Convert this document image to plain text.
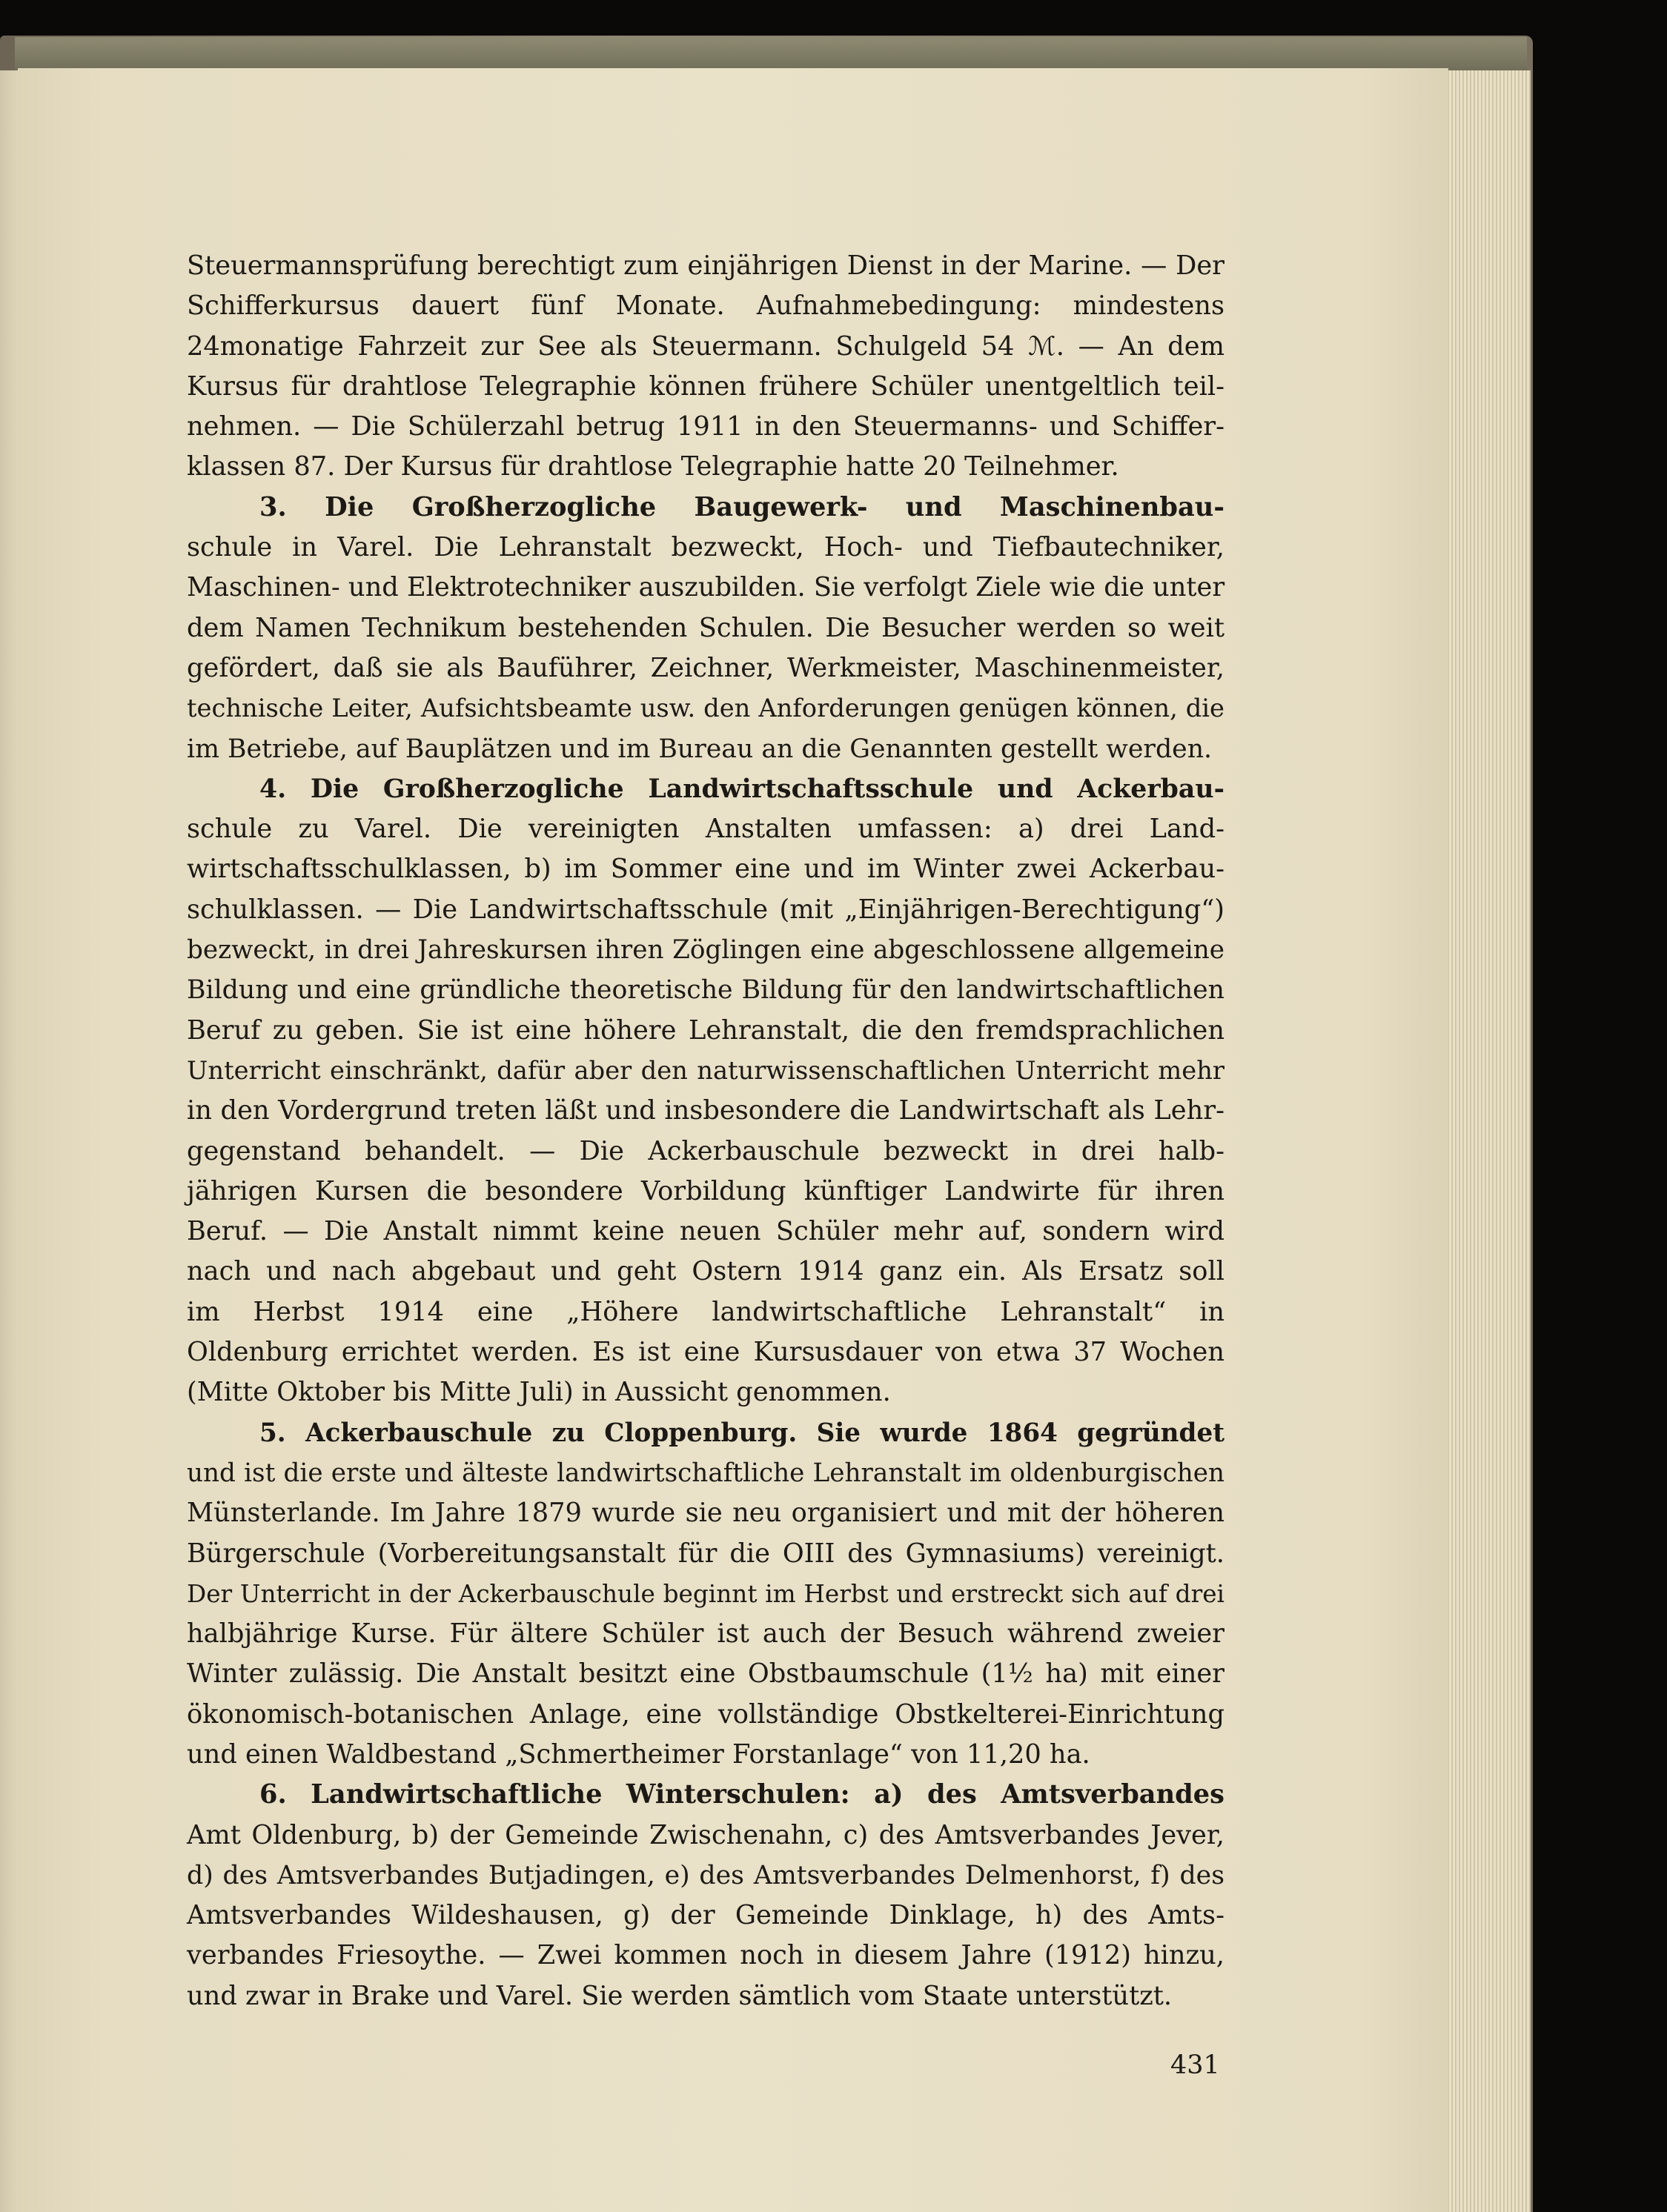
Steuermannsprüfung berechtigt zum einjährigen Dienst in der Marine. — Der
Schifferkursus dauert fünf Monate. Aufnahmebedingung: mindestens
24monatige Fahrzeit zur See als Steuermann. Schulgeld 54 ℳ. — An dem
Kursus für drahtlose Telegraphie können frühere Schüler unentgeltlich teil-
nehmen. — Die Schülerzahl betrug 1911 in den Steuermanns- und Schiffer-
klassen 87. Der Kursus für drahtlose Telegraphie hatte 20 Teilnehmer.
3. Die Großherzogliche Baugewerk- und Maschinenbau-
schule in Varel. Die Lehranstalt bezweckt, Hoch- und Tiefbautechniker,
Maschinen- und Elektrotechniker auszubilden. Sie verfolgt Ziele wie die unter
dem Namen Technikum bestehenden Schulen. Die Besucher werden so weit
gefördert, daß sie als Bauführer, Zeichner, Werkmeister, Maschinenmeister,
technische Leiter, Aufsichtsbeamte usw. den Anforderungen genügen können, die
im Betriebe, auf Bauplätzen und im Bureau an die Genannten gestellt werden.
4. Die Großherzogliche Landwirtschaftsschule und Ackerbau-
schule zu Varel. Die vereinigten Anstalten umfassen: a) drei Land-
wirtschaftsschulklassen, b) im Sommer eine und im Winter zwei Ackerbau-
schulklassen. — Die Landwirtschaftsschule (mit „Einjährigen-Berechtigung“)
bezweckt, in drei Jahreskursen ihren Zöglingen eine abgeschlossene allgemeine
Bildung und eine gründliche theoretische Bildung für den landwirtschaftlichen
Beruf zu geben. Sie ist eine höhere Lehranstalt, die den fremdsprachlichen
Unterricht einschränkt, dafür aber den naturwissenschaftlichen Unterricht mehr
in den Vordergrund treten läßt und insbesondere die Landwirtschaft als Lehr-
gegenstand behandelt. — Die Ackerbauschule bezweckt in drei halb-
jährigen Kursen die besondere Vorbildung künftiger Landwirte für ihren
Beruf. — Die Anstalt nimmt keine neuen Schüler mehr auf, sondern wird
nach und nach abgebaut und geht Ostern 1914 ganz ein. Als Ersatz soll
im Herbst 1914 eine „Höhere landwirtschaftliche Lehranstalt“ in
Oldenburg errichtet werden. Es ist eine Kursusdauer von etwa 37 Wochen
(Mitte Oktober bis Mitte Juli) in Aussicht genommen.
5. Ackerbauschule zu Cloppenburg. Sie wurde 1864 gegründet
und ist die erste und älteste landwirtschaftliche Lehranstalt im oldenburgischen
Münsterlande. Im Jahre 1879 wurde sie neu organisiert und mit der höheren
Bürgerschule (Vorbereitungsanstalt für die OIII des Gymnasiums) vereinigt.
Der Unterricht in der Ackerbauschule beginnt im Herbst und erstreckt sich auf drei
halbjährige Kurse. Für ältere Schüler ist auch der Besuch während zweier
Winter zulässig. Die Anstalt besitzt eine Obstbaumschule (1½ ha) mit einer
ökonomisch-botanischen Anlage, eine vollständige Obstkelterei-Einrichtung
und einen Waldbestand „Schmertheimer Forstanlage“ von 11,20 ha.
6. Landwirtschaftliche Winterschulen: a) des Amtsverbandes
Amt Oldenburg, b) der Gemeinde Zwischenahn, c) des Amtsverbandes Jever,
d) des Amtsverbandes Butjadingen, e) des Amtsverbandes Delmenhorst, f) des
Amtsverbandes Wildeshausen, g) der Gemeinde Dinklage, h) des Amts-
verbandes Friesoythe. — Zwei kommen noch in diesem Jahre (1912) hinzu,
und zwar in Brake und Varel. Sie werden sämtlich vom Staate unterstützt.
431
